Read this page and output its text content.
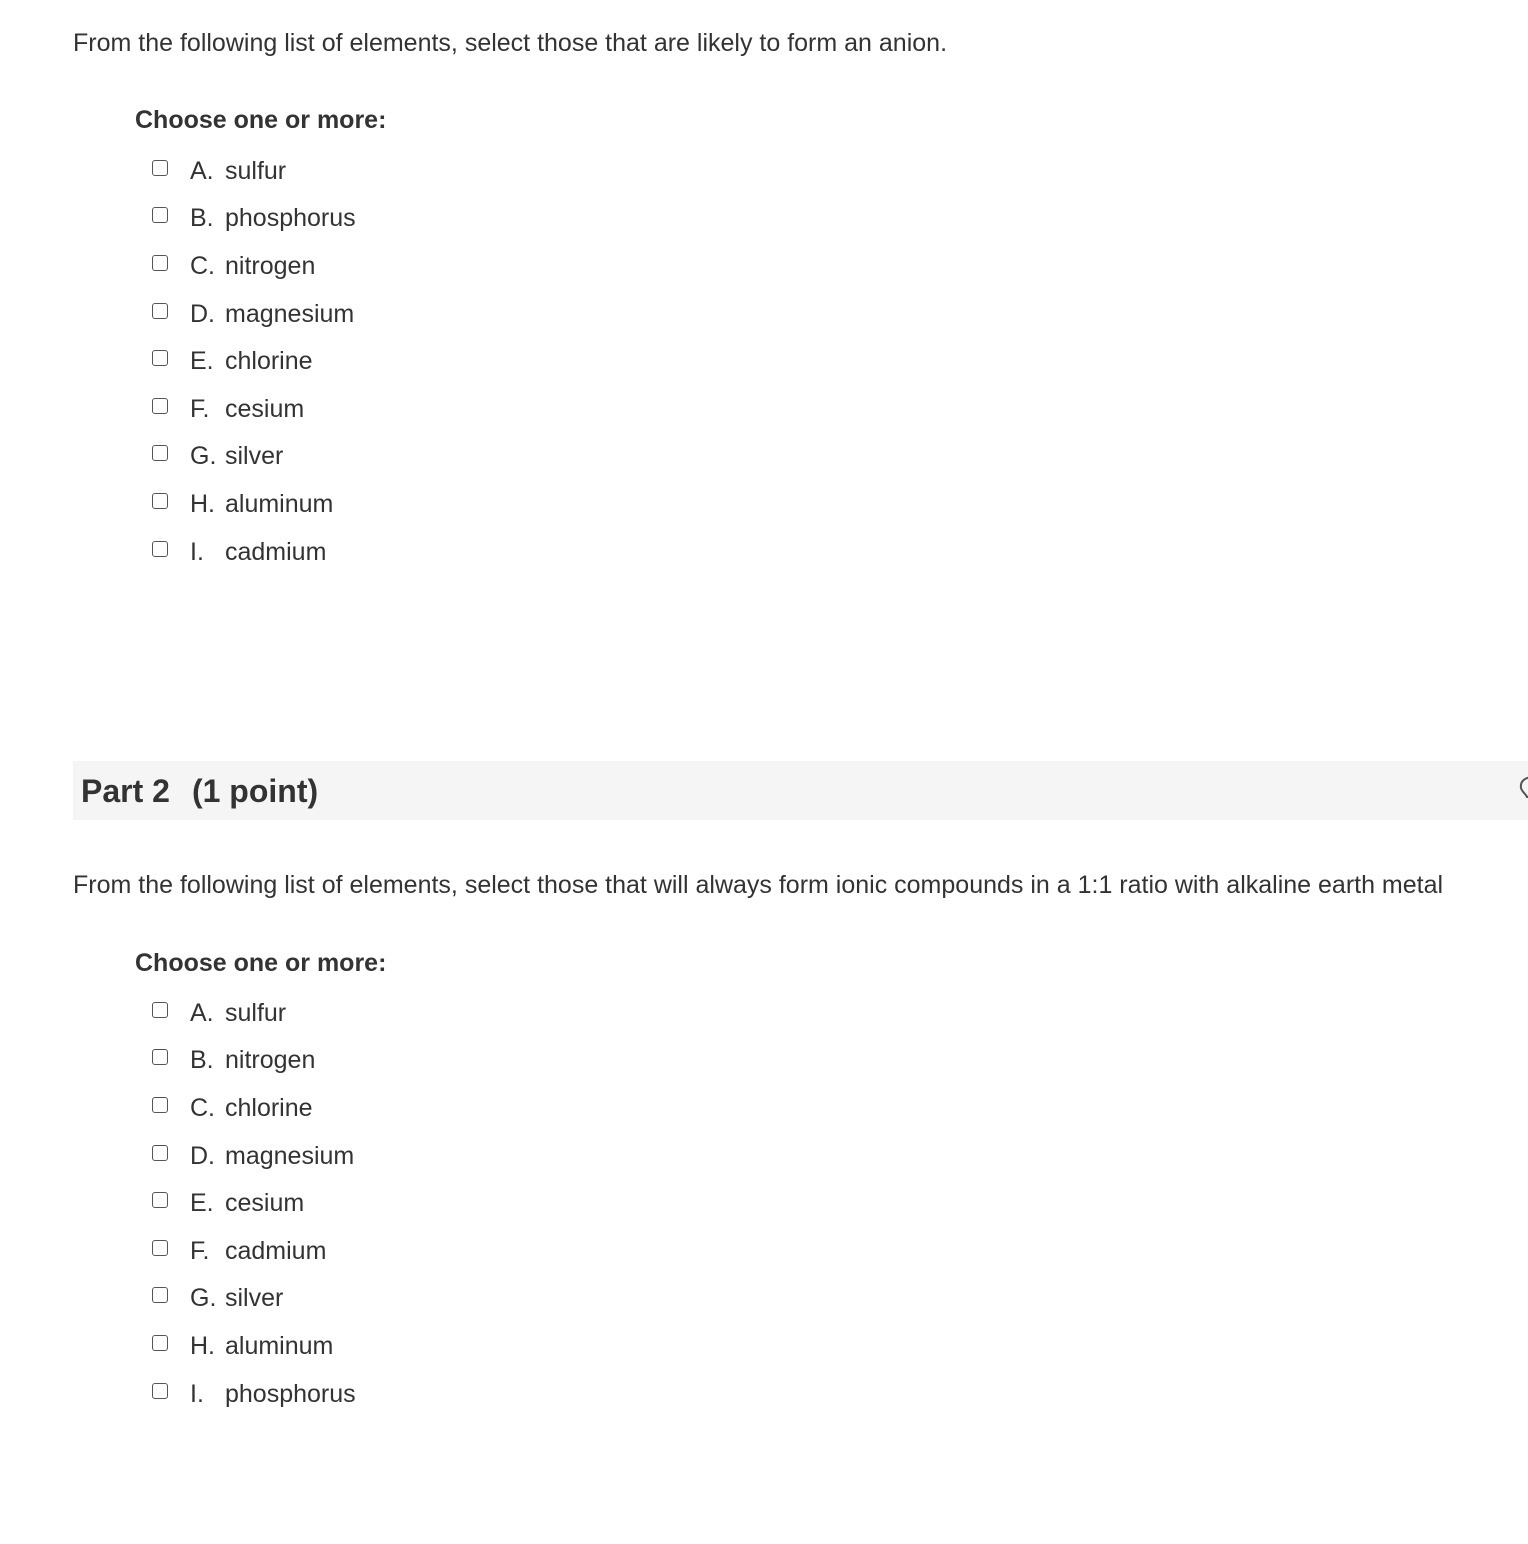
From the following list of elements, select those that are likely to form an anion.
Choose one or more:
A. sulfur
B. phosphorus
C. nitrogen
D. magnesium
E. chlorine
F. cesium
G. silver
H. aluminum
I. cadmium
Part 2 (1 point)
From the following list of elements, select those that will always form ionic compounds in a 1:1 ratio with alkaline earth metal
Choose one or more:
A. sulfur
B. nitrogen
C. chlorine
D. magnesium
E. cesium
F. cadmium
G. silver
H. aluminum
I. phosphorus
